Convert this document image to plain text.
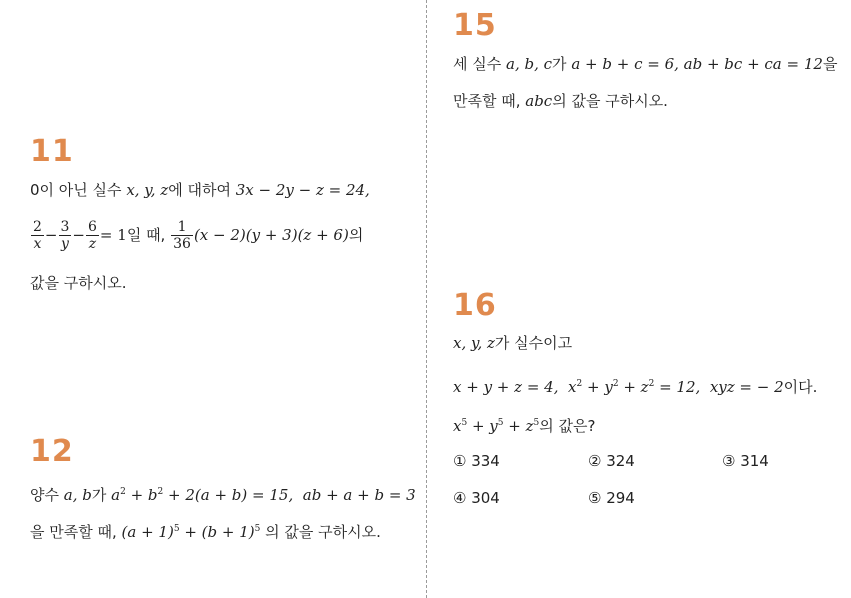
11
0이 아닌 실수 x, y, z에 대하여 3x − 2y − z = 24,
$\frac{2}{x} - \frac{3}{y} - \frac{6}{z} = 1$일 때, $\frac{1}{36} (x - 2)(y + 3)(z + 6)$의
값을 구하시오.
12
양수 a, b가 $a^2 + b^2 + 2(a + b) = 15$, ab + a + b = 3
을 만족할 때, $(a + 1)^5 + (b + 1)^5$ 의 값을 구하시오.
15
세 실수 a, b, c가 a + b + c = 6, ab + bc + ca = 12을
만족할 때, abc의 값을 구하시오.
16
x, y, z가 실수이고
x + y + z = 4, $x^2 + y^2 + z^2 = 12$, xyz = − 2이다.
$x^5 + y^5 + z^5$의 값은?
① 334	② 324	③ 314
④ 304	⑤ 294
